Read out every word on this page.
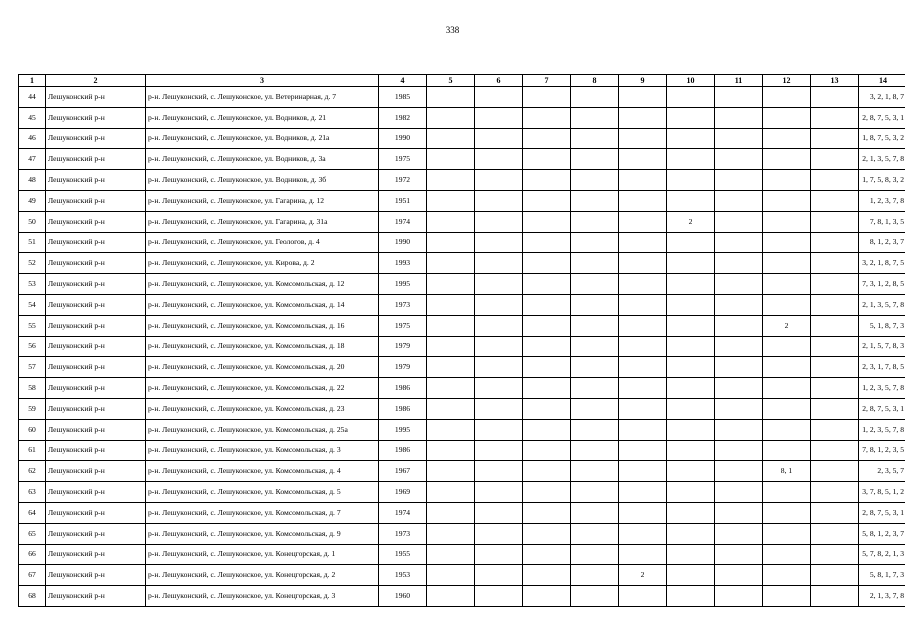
338
1	2	3	4	5	6	7	8	9	10	11	12	13	14
44	Лешуконский р-н	р-н. Лешуконский, с. Лешуконское, ул. Ветеринарная, д. 7	1985										3, 2, 1, 8, 7
45	Лешуконский р-н	р-н. Лешуконский, с. Лешуконское, ул. Водников, д. 21	1982										2, 8, 7, 5, 3, 1
46	Лешуконский р-н	р-н. Лешуконский, с. Лешуконское, ул. Водников, д. 21а	1990										1, 8, 7, 5, 3, 2
47	Лешуконский р-н	р-н. Лешуконский, с. Лешуконское, ул. Водников, д. 3а	1975										2, 1, 3, 5, 7, 8
48	Лешуконский р-н	р-н. Лешуконский, с. Лешуконское, ул. Водников, д. 3б	1972										1, 7, 5, 8, 3, 2
49	Лешуконский р-н	р-н. Лешуконский, с. Лешуконское, ул. Гагарина, д. 12	1951										1, 2, 3, 7, 8
50	Лешуконский р-н	р-н. Лешуконский, с. Лешуконское, ул. Гагарина, д. 31а	1974						2				7, 8, 1, 3, 5
51	Лешуконский р-н	р-н. Лешуконский, с. Лешуконское, ул. Геологов, д. 4	1990										8, 1, 2, 3, 7
52	Лешуконский р-н	р-н. Лешуконский, с. Лешуконское, ул. Кирова, д. 2	1993										3, 2, 1, 8, 7, 5
53	Лешуконский р-н	р-н. Лешуконский, с. Лешуконское, ул. Комсомольская, д. 12	1995										7, 3, 1, 2, 8, 5
54	Лешуконский р-н	р-н. Лешуконский, с. Лешуконское, ул. Комсомольская, д. 14	1973										2, 1, 3, 5, 7, 8
55	Лешуконский р-н	р-н. Лешуконский, с. Лешуконское, ул. Комсомольская, д. 16	1975								2		5, 1, 8, 7, 3
56	Лешуконский р-н	р-н. Лешуконский, с. Лешуконское, ул. Комсомольская, д. 18	1979										2, 1, 5, 7, 8, 3
57	Лешуконский р-н	р-н. Лешуконский, с. Лешуконское, ул. Комсомольская, д. 20	1979										2, 3, 1, 7, 8, 5
58	Лешуконский р-н	р-н. Лешуконский, с. Лешуконское, ул. Комсомольская, д. 22	1986										1, 2, 3, 5, 7, 8
59	Лешуконский р-н	р-н. Лешуконский, с. Лешуконское, ул. Комсомольская, д. 23	1986										2, 8, 7, 5, 3, 1
60	Лешуконский р-н	р-н. Лешуконский, с. Лешуконское, ул. Комсомольская, д. 25а	1995										1, 2, 3, 5, 7, 8
61	Лешуконский р-н	р-н. Лешуконский, с. Лешуконское, ул. Комсомольская, д. 3	1986										7, 8, 1, 2, 3, 5
62	Лешуконский р-н	р-н. Лешуконский, с. Лешуконское, ул. Комсомольская, д. 4	1967								8, 1		2, 3, 5, 7
63	Лешуконский р-н	р-н. Лешуконский, с. Лешуконское, ул. Комсомольская, д. 5	1969										3, 7, 8, 5, 1, 2
64	Лешуконский р-н	р-н. Лешуконский, с. Лешуконское, ул. Комсомольская, д. 7	1974										2, 8, 7, 5, 3, 1
65	Лешуконский р-н	р-н. Лешуконский, с. Лешуконское, ул. Комсомольская, д. 9	1973										5, 8, 1, 2, 3, 7
66	Лешуконский р-н	р-н. Лешуконский, с. Лешуконское, ул. Конецгорская, д. 1	1955										5, 7, 8, 2, 1, 3
67	Лешуконский р-н	р-н. Лешуконский, с. Лешуконское, ул. Конецгорская, д. 2	1953					2					5, 8, 1, 7, 3
68	Лешуконский р-н	р-н. Лешуконский, с. Лешуконское, ул. Конецгорская, д. 3	1960										2, 1, 3, 7, 8
